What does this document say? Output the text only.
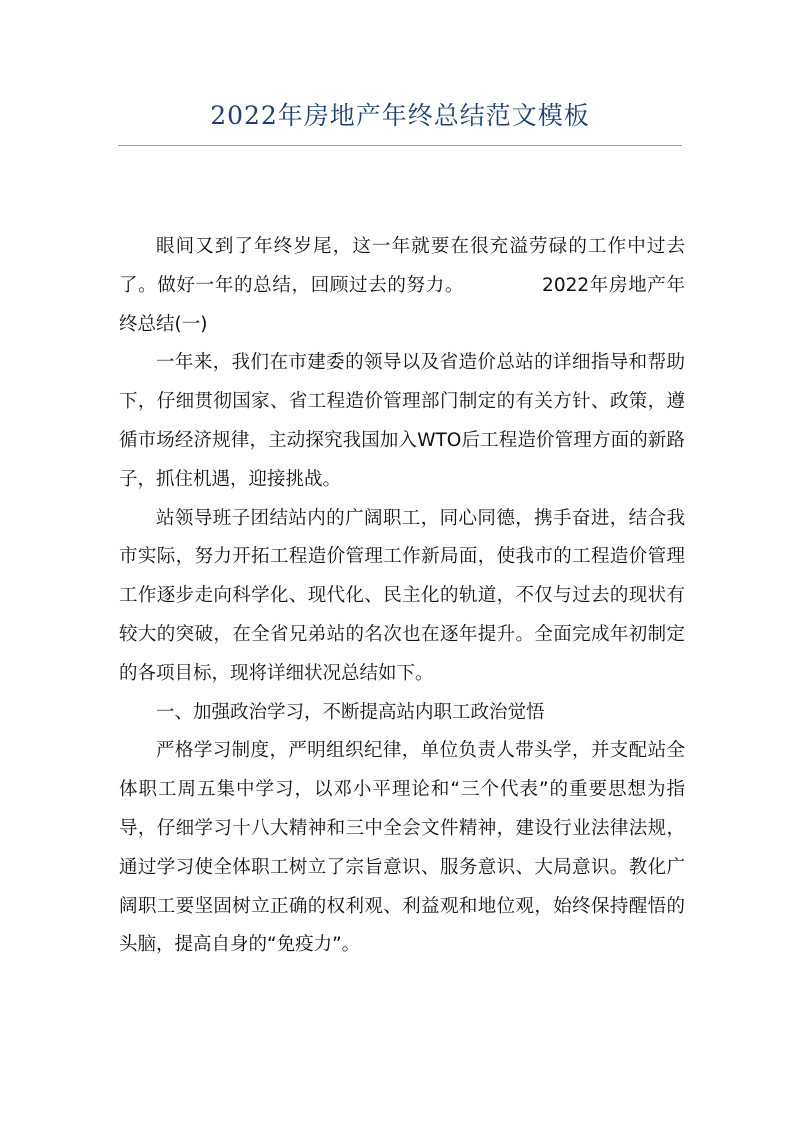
2022年房地产年终总结范文模板

眼间又到了年终岁尾，这一年就要在很充溢劳碌的工作中过去了。做好一年的总结，回顾过去的努力。	2022年房地产年终总结(一)

一年来，我们在市建委的领导以及省造价总站的详细指导和帮助下，仔细贯彻国家、省工程造价管理部门制定的有关方针、政策，遵循市场经济规律，主动探究我国加入WTO后工程造价管理方面的新路子，抓住机遇，迎接挑战。

站领导班子团结站内的广阔职工，同心同德，携手奋进，结合我市实际，努力开拓工程造价管理工作新局面，使我市的工程造价管理工作逐步走向科学化、现代化、民主化的轨道，不仅与过去的现状有较大的突破，在全省兄弟站的名次也在逐年提升。全面完成年初制定的各项目标，现将详细状况总结如下。

一、加强政治学习，不断提高站内职工政治觉悟

严格学习制度，严明组织纪律，单位负责人带头学，并支配站全体职工周五集中学习，以邓小平理论和“三个代表”的重要思想为指导，仔细学习十八大精神和三中全会文件精神，建设行业法律法规，通过学习使全体职工树立了宗旨意识、服务意识、大局意识。教化广阔职工要坚固树立正确的权利观、利益观和地位观，始终保持醒悟的头脑，提高自身的“免疫力”。
